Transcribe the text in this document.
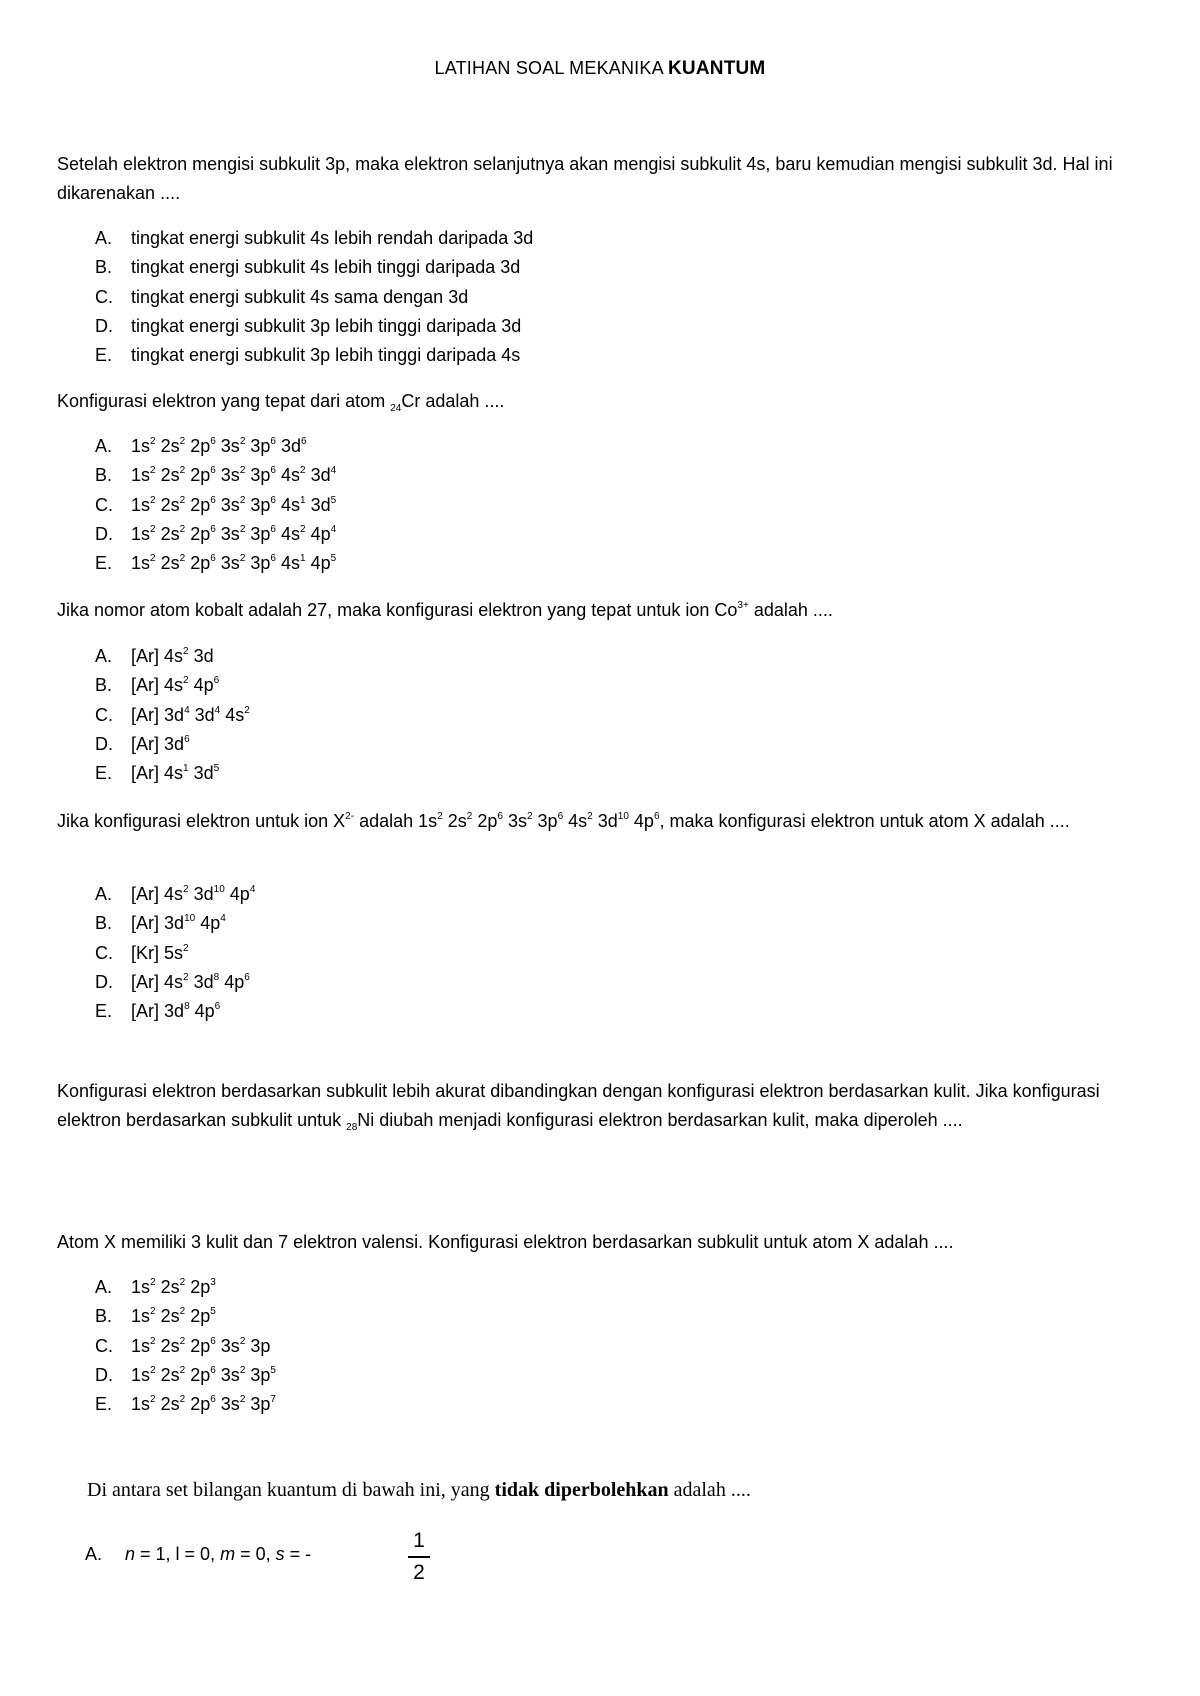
LATIHAN SOAL MEKANIKA KUANTUM
Setelah elektron mengisi subkulit 3p, maka elektron selanjutnya akan mengisi subkulit 4s, baru kemudian mengisi subkulit 3d. Hal ini dikarenakan ....
A. tingkat energi subkulit 4s lebih rendah daripada 3d
B. tingkat energi subkulit 4s lebih tinggi daripada 3d
C. tingkat energi subkulit 4s sama dengan 3d
D. tingkat energi subkulit 3p lebih tinggi daripada 3d
E. tingkat energi subkulit 3p lebih tinggi daripada 4s
Konfigurasi elektron yang tepat dari atom $_{24}$Cr adalah ....
A. $1s^2$ $2s^2$ $2p^6$ $3s^2$ $3p^6$ $3d^6$
B. $1s^2$ $2s^2$ $2p^6$ $3s^2$ $3p^6$ $4s^2$ $3d^4$
C. $1s^2$ $2s^2$ $2p^6$ $3s^2$ $3p^6$ $4s^1$ $3d^5$
D. $1s^2$ $2s^2$ $2p^6$ $3s^2$ $3p^6$ $4s^2$ $4p^4$
E. $1s^2$ $2s^2$ $2p^6$ $3s^2$ $3p^6$ $4s^1$ $4p^5$
Jika nomor atom kobalt adalah 27, maka konfigurasi elektron yang tepat untuk ion $Co^{3+}$ adalah ....
A. [Ar] $4s^2$ 3d
B. [Ar] $4s^2$ $4p^6$
C. [Ar] $3d^4$ $3d^4$ $4s^2$
D. [Ar] $3d^6$
E. [Ar] $4s^1$ $3d^5$
Jika konfigurasi elektron untuk ion $X^{2-}$ adalah $1s^2$ $2s^2$ $2p^6$ $3s^2$ $3p^6$ $4s^2$ $3d^{10}$ $4p^6$, maka konfigurasi elektron untuk atom X adalah ....
A. [Ar] $4s^2$ $3d^{10}$ $4p^4$
B. [Ar] $3d^{10}$ $4p^4$
C. [Kr] $5s^2$
D. [Ar] $4s^2$ $3d^8$ $4p^6$
E. [Ar] $3d^8$ $4p^6$
Konfigurasi elektron berdasarkan subkulit lebih akurat dibandingkan dengan konfigurasi elektron berdasarkan kulit. Jika konfigurasi elektron berdasarkan subkulit untuk $_{28}$Ni diubah menjadi konfigurasi elektron berdasarkan kulit, maka diperoleh ....
Atom X memiliki 3 kulit dan 7 elektron valensi. Konfigurasi elektron berdasarkan subkulit untuk atom X adalah ....
A. $1s^2$ $2s^2$ $2p^3$
B. $1s^2$ $2s^2$ $2p^5$
C. $1s^2$ $2s^2$ $2p^6$ $3s^2$ 3p
D. $1s^2$ $2s^2$ $2p^6$ $3s^2$ $3p^5$
E. $1s^2$ $2s^2$ $2p^6$ $3s^2$ $3p^7$
Di antara set bilangan kuantum di bawah ini, yang tidak diperbolehkan adalah ....
A. n = 1, l = 0, m = 0, s = -
1
2
